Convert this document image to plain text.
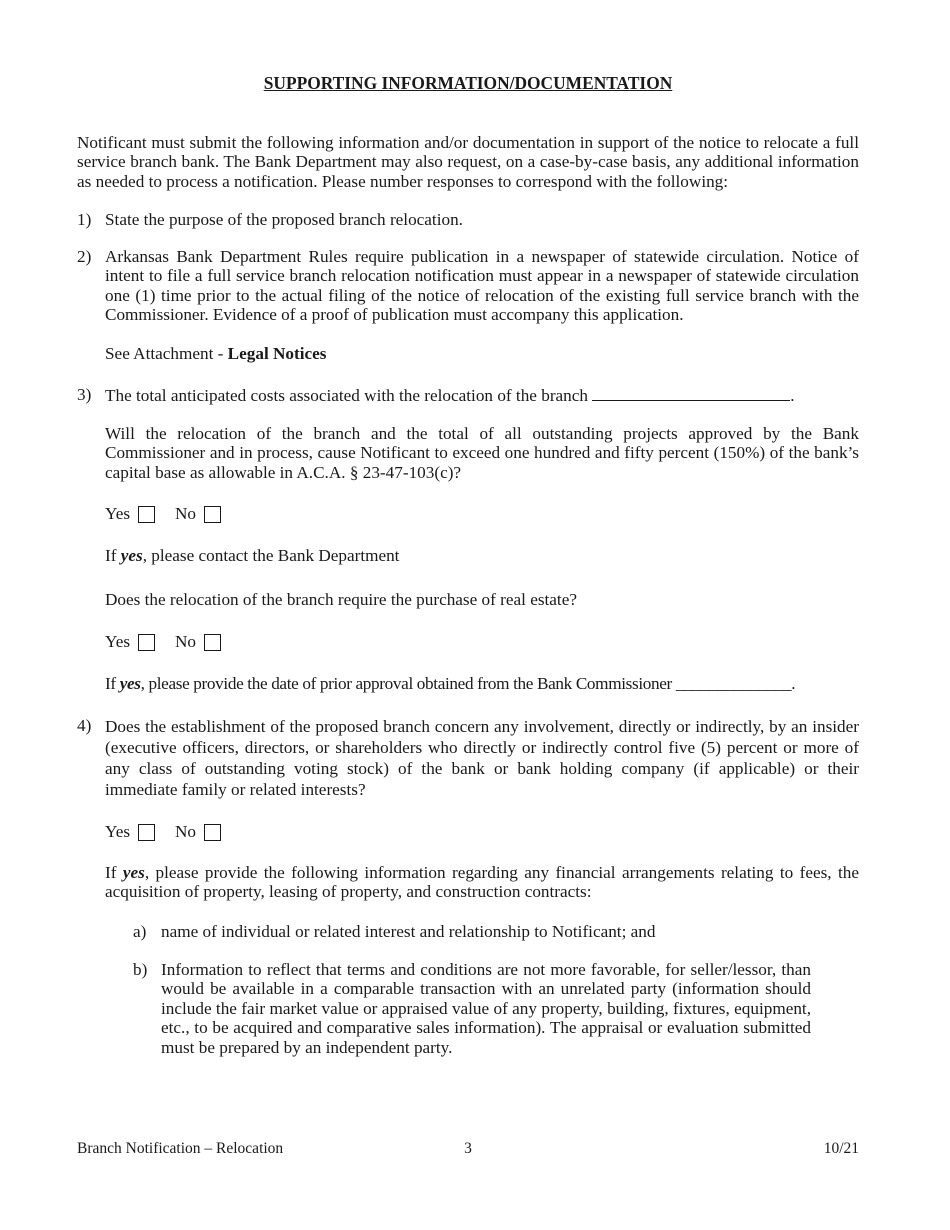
SUPPORTING INFORMATION/DOCUMENTATION

Notificant must submit the following information and/or documentation in support of the notice to relocate a full service branch bank. The Bank Department may also request, on a case-by-case basis, any additional information as needed to process a notification. Please number responses to correspond with the following:

1) State the purpose of the proposed branch relocation.
2) Arkansas Bank Department Rules require publication in a newspaper of statewide circulation. Notice of intent to file a full service branch relocation notification must appear in a newspaper of statewide circulation one (1) time prior to the actual filing of the notice of relocation of the existing full service branch with the Commissioner. Evidence of a proof of publication must accompany this application.

See Attachment - Legal Notices
3) The total anticipated costs associated with the relocation of the branch	.

Will the relocation of the branch and the total of all outstanding projects approved by the Bank Commissioner and in process, cause Notificant to exceed one hundred and fifty percent (150%) of the bank’s capital base as allowable in A.C.A. § 23-47-103(c)?

Yes	No
If yes, please contact the Bank Department
Does the relocation of the branch require the purchase of real estate?
Yes	No
If yes, please provide the date of prior approval obtained from the Bank Commissioner ______________.
4) Does the establishment of the proposed branch concern any involvement, directly or indirectly, by an insider (executive officers, directors, or shareholders who directly or indirectly control five (5) percent or more of any class of outstanding voting stock) of the bank or bank holding company (if applicable) or their immediate family or related interests?

Yes	No

If yes, please provide the following information regarding any financial arrangements relating to fees, the acquisition of property, leasing of property, and construction contracts:

a) name of individual or related interest and relationship to Notificant; and
b) Information to reflect that terms and conditions are not more favorable, for seller/lessor, than would be available in a comparable transaction with an unrelated party (information should include the fair market value or appraised value of any property, building, fixtures, equipment, etc., to be acquired and comparative sales information). The appraisal or evaluation submitted must be prepared by an independent party.

Branch Notification – Relocation	3	10/21
